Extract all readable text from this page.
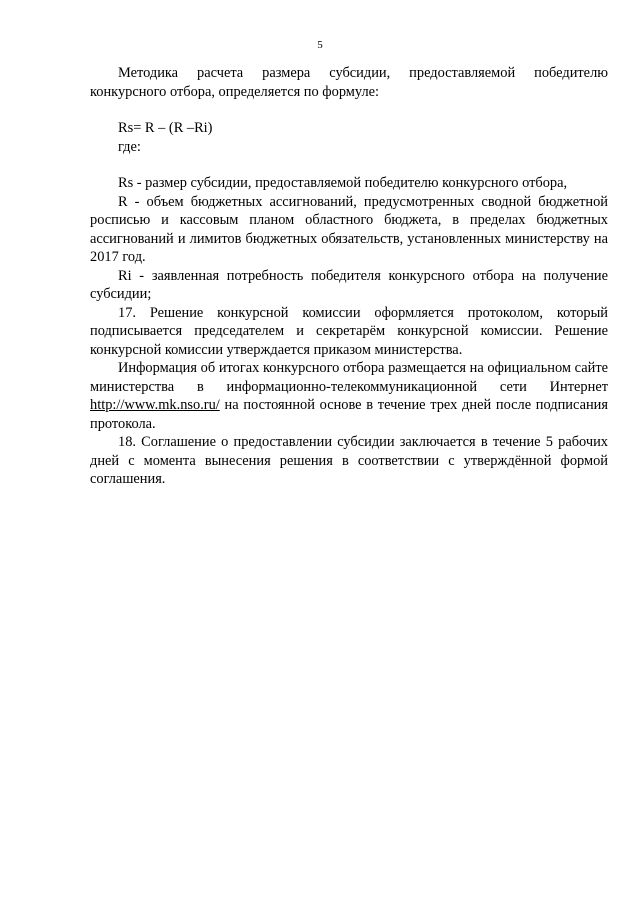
5

Методика расчета размера субсидии, предоставляемой победителю конкурсного отбора, определяется по формуле:

Rs= R – (R –Ri)

где:

Rs - размер субсидии, предоставляемой победителю конкурсного отбора,

R - объем бюджетных ассигнований, предусмотренных сводной бюджетной росписью и кассовым планом областного бюджета, в пределах бюджетных ассигнований и лимитов бюджетных обязательств, установленных министерству на 2017 год.

Ri - заявленная потребность победителя конкурсного отбора на получение субсидии;

17. Решение конкурсной комиссии оформляется протоколом, который подписывается председателем и секретарём конкурсной комиссии. Решение конкурсной комиссии утверждается приказом министерства.

Информация об итогах конкурсного отбора размещается на официальном сайте министерства в информационно-телекоммуникационной сети Интернет http://www.mk.nso.ru/ на постоянной основе в течение трех дней после подписания протокола.

18. Соглашение о предоставлении субсидии заключается в течение 5 рабочих дней с момента вынесения решения в соответствии с утверждённой формой соглашения.
